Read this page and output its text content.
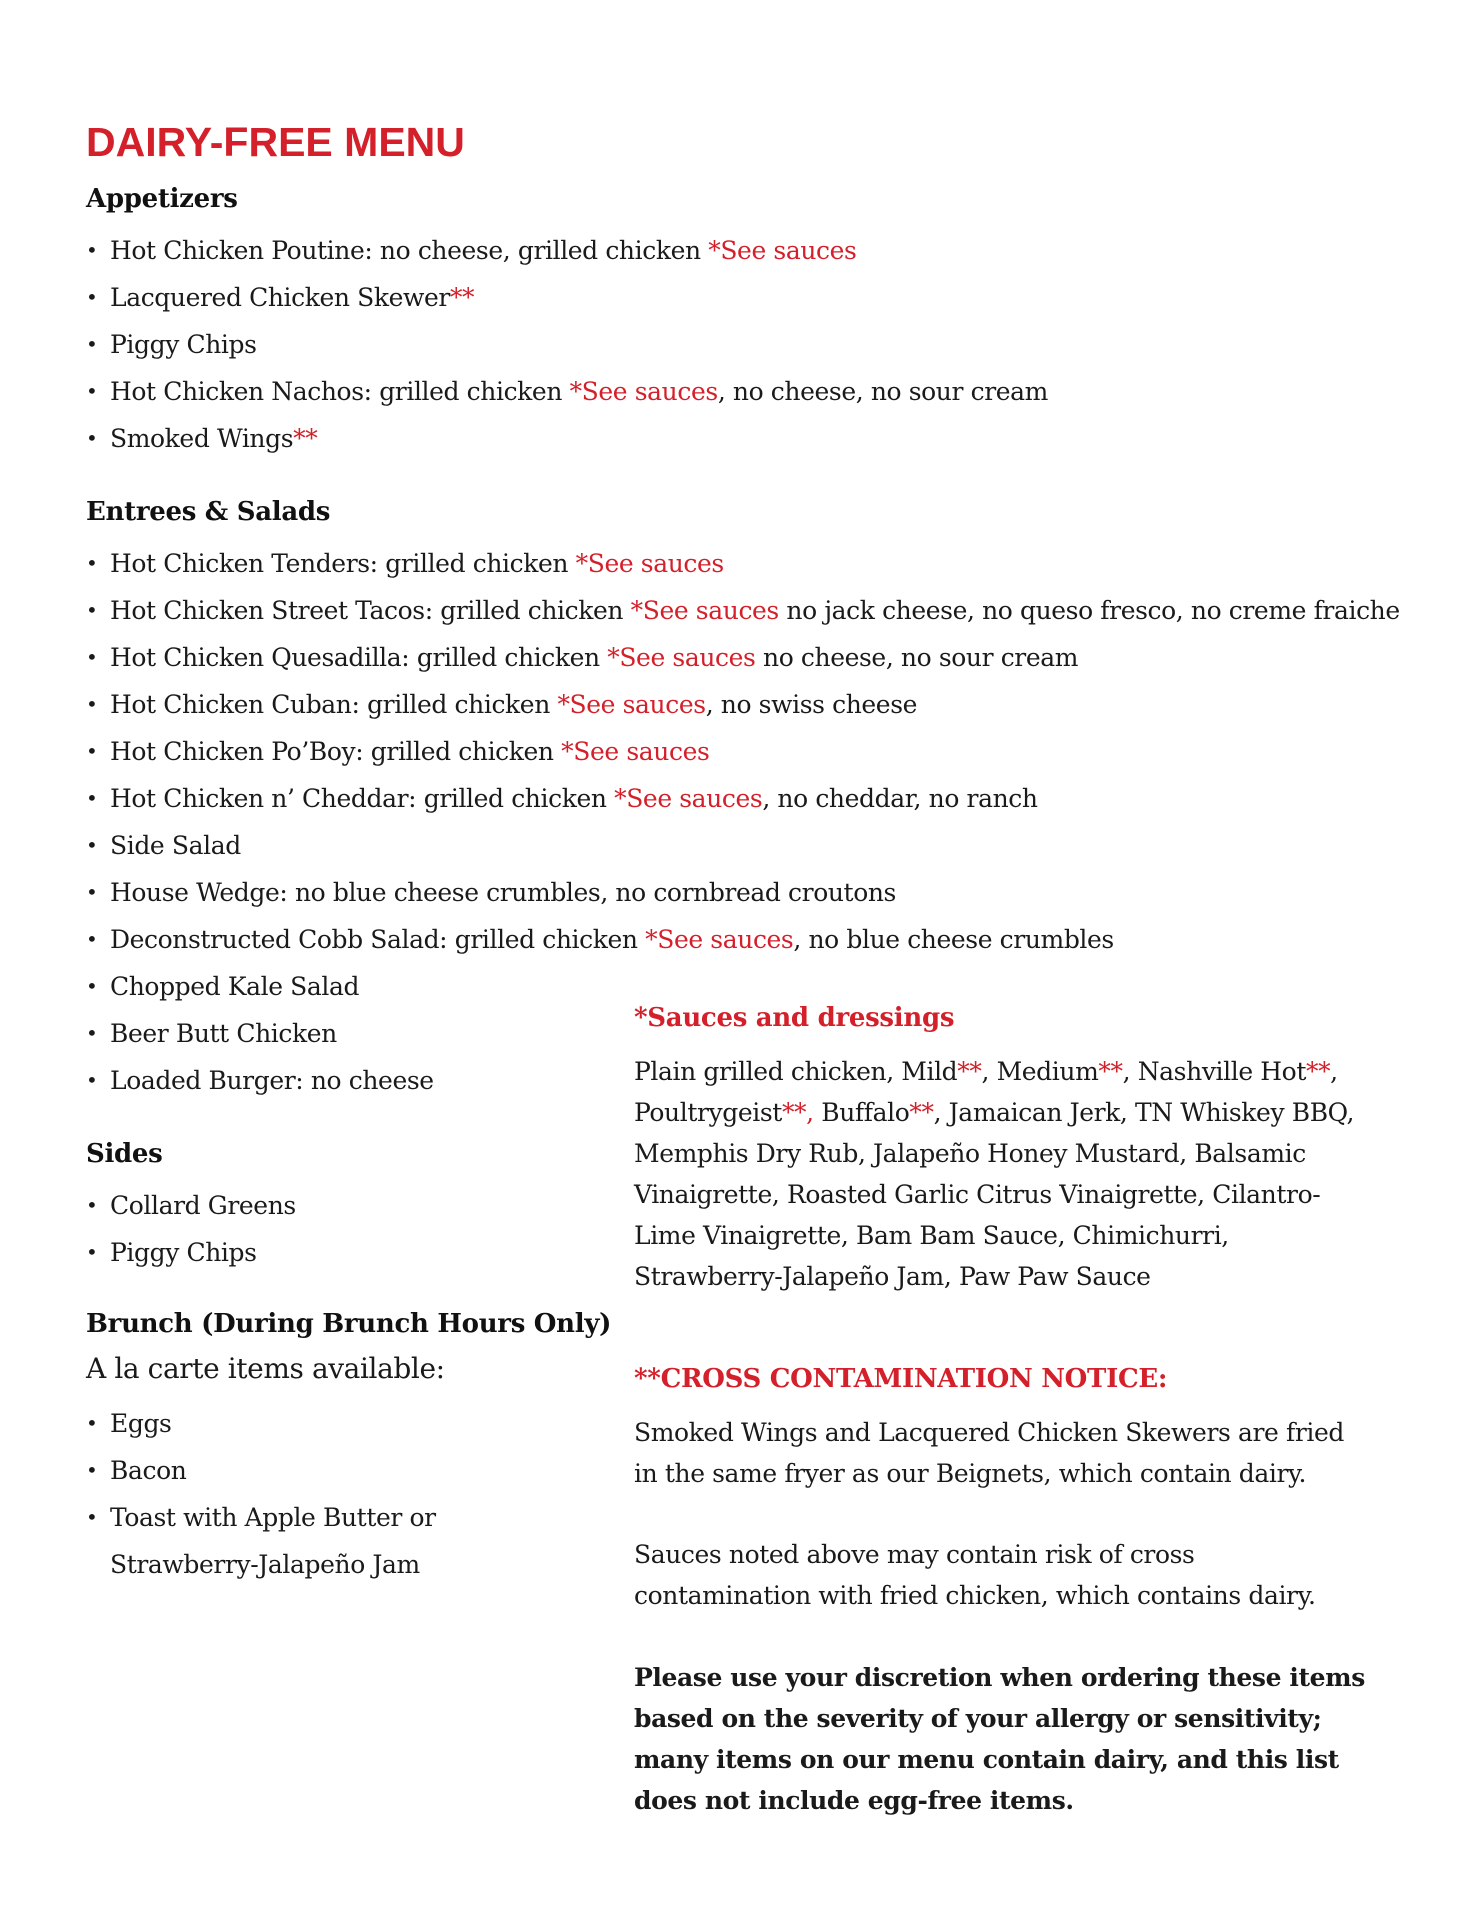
DAIRY-FREE MENU
Appetizers
• Hot Chicken Poutine: no cheese, grilled chicken *See sauces
• Lacquered Chicken Skewer**
• Piggy Chips
• Hot Chicken Nachos: grilled chicken *See sauces, no cheese, no sour cream
• Smoked Wings**
Entrees & Salads
• Hot Chicken Tenders: grilled chicken *See sauces
• Hot Chicken Street Tacos: grilled chicken *See sauces no jack cheese, no queso fresco, no creme fraiche
• Hot Chicken Quesadilla: grilled chicken *See sauces no cheese, no sour cream
• Hot Chicken Cuban: grilled chicken *See sauces, no swiss cheese
• Hot Chicken Po’Boy: grilled chicken *See sauces
• Hot Chicken n’ Cheddar: grilled chicken *See sauces, no cheddar, no ranch
• Side Salad
• House Wedge: no blue cheese crumbles, no cornbread croutons
• Deconstructed Cobb Salad: grilled chicken *See sauces, no blue cheese crumbles
• Chopped Kale Salad
• Beer Butt Chicken
• Loaded Burger: no cheese
Sides
• Collard Greens
• Piggy Chips
Brunch (During Brunch Hours Only)

A la carte items available:

• Eggs
• Bacon
• Toast with Apple Butter or Strawberry-Jalapeño Jam
*Sauces and dressings

Plain grilled chicken, Mild**, Medium**, Nashville Hot**, Poultrygeist**, Buffalo**, Jamaican Jerk, TN Whiskey BBQ, Memphis Dry Rub, Jalapeño Honey Mustard, Balsamic Vinaigrette, Roasted Garlic Citrus Vinaigrette, Cilantro-Lime Vinaigrette, Bam Bam Sauce, Chimichurri, Strawberry-Jalapeño Jam, Paw Paw Sauce

**CROSS CONTAMINATION NOTICE:

Smoked Wings and Lacquered Chicken Skewers are fried in the same fryer as our Beignets, which contain dairy.

Sauces noted above may contain risk of cross contamination with fried chicken, which contains dairy.

Please use your discretion when ordering these items based on the severity of your allergy or sensitivity; many items on our menu contain dairy, and this list does not include egg-free items.
